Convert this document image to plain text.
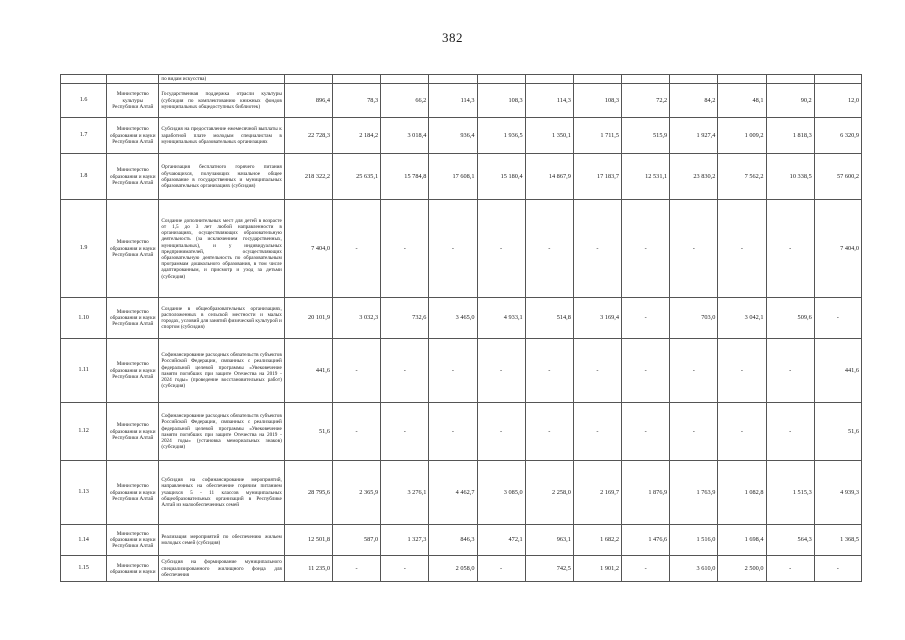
382
		по видам искусства)												
1.6	Министерство культуры Республики Алтай	Государственная поддержка отрасли культуры (субсидия по комплектованию книжных фондов муниципальных общедоступных библиотек)	896,4	78,3	66,2	114,3	108,3	114,3	108,3	72,2	84,2	48,1	90,2	12,0
1.7	Министерство образования и науки Республики Алтай	Субсидия на предоставление ежемесячной выплаты к заработной плате молодым специалистам в муниципальных образовательных организациях	22 728,3	2 184,2	3 018,4	936,4	1 936,5	1 350,1	1 711,5	515,9	1 927,4	1 009,2	1 818,3	6 320,9
1.8	Министерство образования и науки Республики Алтай	Организация бесплатного горячего питания обучающихся, получающих начальное общее образование в государственных и муниципальных образовательных организациях (субсидия)	218 322,2	25 635,1	15 784,8	17 608,1	15 180,4	14 867,9	17 183,7	12 531,1	23 830,2	7 562,2	10 338,5	57 600,2
1.9	Министерство образования и науки Республики Алтай	Создание дополнительных мест для детей в возрасте от 1,5 до 3 лет любой направленности в организациях, осуществляющих образовательную деятельность (за исключением государственных, муниципальных), и у индивидуальных предпринимателей, осуществляющих образовательную деятельность по образовательным программам дошкольного образования, в том числе адаптированным, и присмотр и уход за детьми (субсидия)	7 404,0	-	-	-	-	-	-	-	-	-	-	7 404,0
1.10	Министерство образования и науки Республики Алтай	Создание в общеобразовательных организациях, расположенных в сельской местности и малых городах, условий для занятий физической культурой и спортом (субсидия)	20 101,9	3 032,3	732,6	3 465,0	4 933,1	514,8	3 169,4	-	703,0	3 042,1	509,6	-
1.11	Министерство образования и науки Республики Алтай	Софинансирование расходных обязательств субъектов Российской Федерации, связанных с реализацией федеральной целевой программы «Увековечение памяти погибших при защите Отечества на 2019 - 2024 годы» (проведение восстановительных работ) (субсидия)	441,6	-	-	-	-	-	-	-	-	-	-	441,6
1.12	Министерство образования и науки Республики Алтай	Софинансирование расходных обязательств субъектов Российской Федерации, связанных с реализацией федеральной целевой программы «Увековечение памяти погибших при защите Отечества на 2019 - 2024 годы» (установка мемориальных знаков) (субсидия)	51,6	-	-	-	-	-	-	-	-	-	-	51,6
1.13	Министерство образования и науки Республики Алтай	Субсидия на софинансирование мероприятий, направленных на обеспечение горячим питанием учащихся 5 - 11 классов муниципальных общеобразовательных организаций в Республике Алтай из малообеспеченных семей	28 795,6	2 365,9	3 276,1	4 462,7	3 085,0	2 258,0	2 169,7	1 876,9	1 763,9	1 082,8	1 515,3	4 939,3
1.14	Министерство образования и науки Республики Алтай	Реализация мероприятий по обеспечению жильем молодых семей (субсидия)	12 501,8	587,0	1 327,3	846,3	472,1	963,1	1 682,2	1 476,6	1 516,0	1 698,4	564,3	1 368,5
1.15	Министерство образования и науки	Субсидия на формирование муниципального специализированного жилищного фонда для обеспечения	11 235,0	-	-	2 058,0	-	742,5	1 901,2	-	3 610,0	2 500,0	-	-
